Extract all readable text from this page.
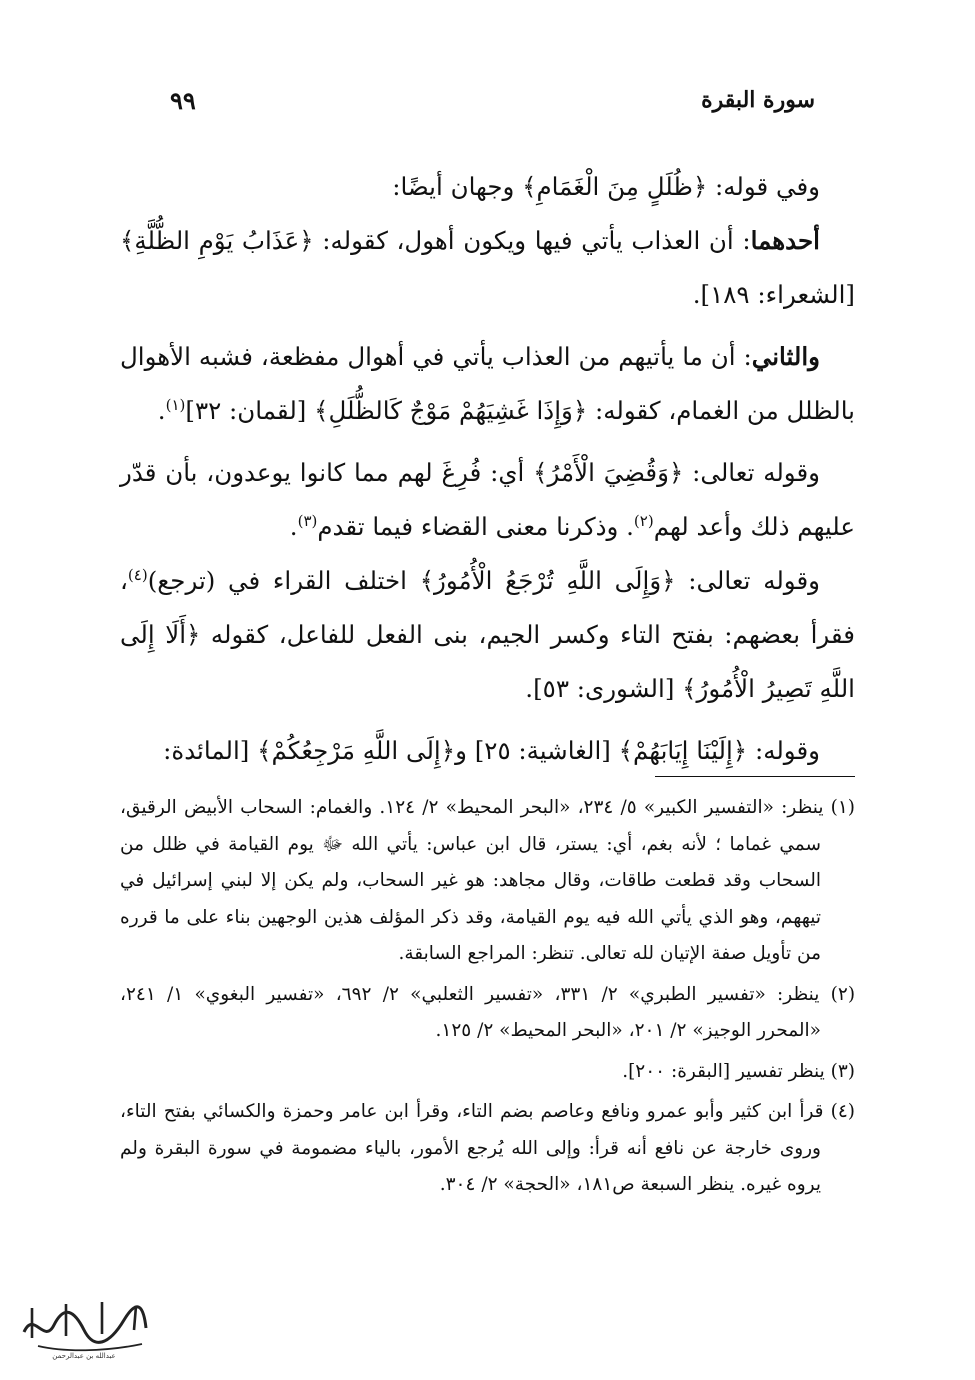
سورة البقرة
٩٩

وفي قوله: ﴿ظُلَلٍ مِنَ الْغَمَامِ﴾ وجهان أيضًا:

أحدهما: أن العذاب يأتي فيها ويكون أهول، كقوله: ﴿عَذَابُ يَوْمِ الظُّلَّةِ﴾ [الشعراء: ١٨٩].

والثاني: أن ما يأتيهم من العذاب يأتي في أهوال مفظعة، فشبه الأهوال بالظلل من الغمام، كقوله: ﴿وَإِذَا غَشِيَهُمْ مَوْجٌ كَالظُّلَلِ﴾ [لقمان: ٣٢]$^{(١)}$.

وقوله تعالى: ﴿وَقُضِيَ الْأَمْرُ﴾ أي: فُرِغَ لهم مما كانوا يوعدون، بأن قدّر عليهم ذلك وأعد لهم$^{(٢)}$. وذكرنا معنى القضاء فيما تقدم$^{(٣)}$.

وقوله تعالى: ﴿وَإِلَى اللَّهِ تُرْجَعُ الْأُمُورُ﴾ اختلف القراء في (ترجع)$^{(٤)}$، فقرأ بعضهم: بفتح التاء وكسر الجيم، بنى الفعل للفاعل، كقوله ﴿أَلَا إِلَى اللَّهِ تَصِيرُ الْأُمُورُ﴾ [الشورى: ٥٣].

وقوله: ﴿إِلَيْنَا إِيَابَهُمْ﴾ [الغاشية: ٢٥] و﴿إِلَى اللَّهِ مَرْجِعُكُمْ﴾ [المائدة:

(١) ينظر: «التفسير الكبير» ٥/ ٢٣٤، «البحر المحيط» ٢/ ١٢٤. والغمام: السحاب الأبيض الرقيق، سمي غماما ؛ لأنه بغم، أي: يستر، قال ابن عباس: يأتي الله ﷻ يوم القيامة في ظلل من السحاب وقد قطعت طاقات، وقال مجاهد: هو غير السحاب، ولم يكن إلا لبني إسرائيل في تيههم، وهو الذي يأتي الله فيه يوم القيامة، وقد ذكر المؤلف هذين الوجهين بناء على ما قرره من تأويل صفة الإتيان لله تعالى. تنظر: المراجع السابقة.

(٢) ينظر: «تفسير الطبري» ٢/ ٣٣١، «تفسير الثعلبي» ٢/ ٦٩٢، «تفسير البغوي» ١/ ٢٤١، «المحرر الوجيز» ٢/ ٢٠١، «البحر المحيط» ٢/ ١٢٥.

(٣) ينظر تفسير [البقرة: ٢٠٠].

(٤) قرأ ابن كثير وأبو عمرو ونافع وعاصم بضم التاء، وقرأ ابن عامر وحمزة والكسائي بفتح التاء، وروى خارجة عن نافع أنه قرأ: وإلى الله يُرجع الأمور، بالياء مضمومة في سورة البقرة ولم يروه غيره. ينظر السبعة ص١٨١، «الحجة» ٢/ ٣٠٤.

عبدالله بن عبدالرحمن
